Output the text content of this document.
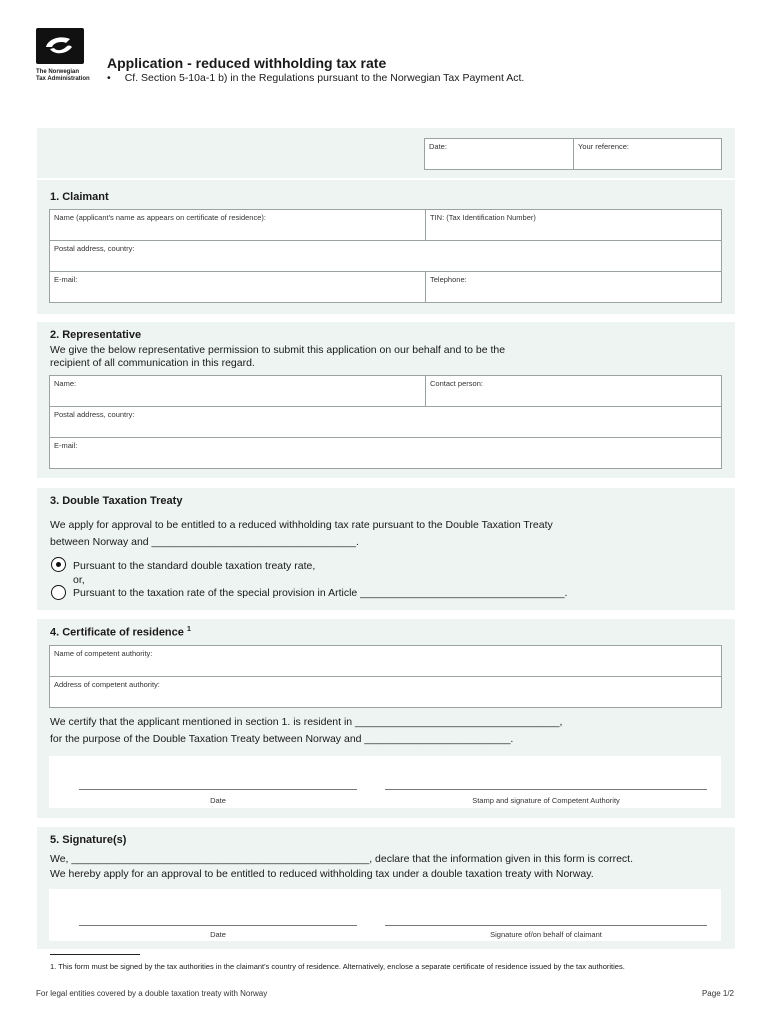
The Norwegian
Tax Administration
Application - reduced withholding tax rate
• Cf. Section 5-10a-1 b) in the Regulations pursuant to the Norwegian Tax Payment Act.
Date:	Your reference:
1. Claimant
Name (applicant's name as appears on certificate of residence):	TIN: (Tax Identification Number)
Postal address, country:
E-mail:	Telephone:
2. Representative
We give the below representative permission to submit this application on our behalf and to be the
recipient of all communication in this regard.
Name:	Contact person:
Postal address, country:
E-mail:
3. Double Taxation Treaty
We apply for approval to be entitled to a reduced withholding tax rate pursuant to the Double Taxation Treaty
between Norway and ___________________________________.
Pursuant to the standard double taxation treaty rate,
or,
Pursuant to the taxation rate of the special provision in Article ___________________________________.
4. Certificate of residence $^1$
Name of competent authority:
Address of competent authority:
We certify that the applicant mentioned in section 1. is resident in ___________________________________,
for the purpose of the Double Taxation Treaty between Norway and _________________________.
Date	Stamp and signature of Competent Authority
5. Signature(s)
We, ___________________________________________________, declare that the information given in this form is correct.
We hereby apply for an approval to be entitled to reduced withholding tax under a double taxation treaty with Norway.
Date	Signature of/on behalf of claimant
1. This form must be signed by the tax authorities in the claimant's country of residence. Alternatively, enclose a separate certificate of residence issued by the tax authorities.
For legal entities covered by a double taxation treaty with Norway	Page 1/2
